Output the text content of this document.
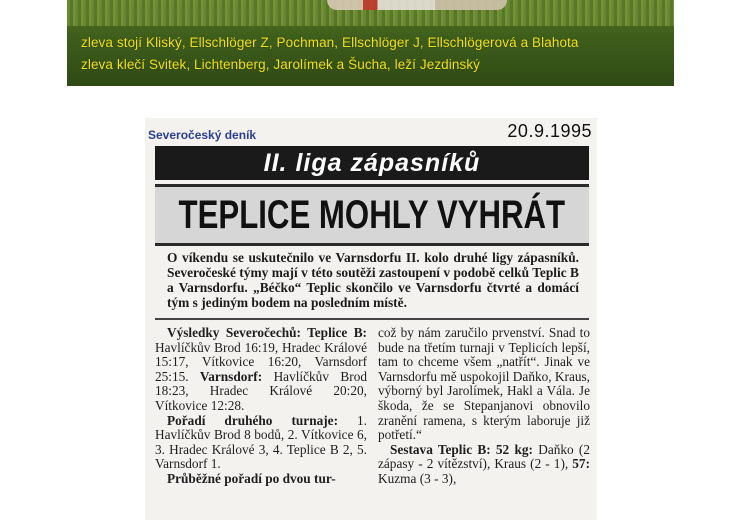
zleva stojí Kliský, Ellschlöger Z, Pochman, Ellschlöger J, Ellschlögerová a Blahota
zleva klečí Svitek, Lichtenberg, Jarolímek a Šucha, leží Jezdinský
Severočeský deník	20.9.1995
II. liga zápasníků
TEPLICE MOHLY VYHRÁT
O víkendu se uskutečnilo ve Varnsdorfu II. kolo druhé ligy zápasníků. Severočeské týmy mají v této soutěži zastoupení v podobě celků Teplic B a Varnsdorfu. „Béčko“ Teplic skončilo ve Varnsdorfu čtvrté a domácí tým s jediným bodem na posledním místě.

Výsledky Severočechů: Teplice B: Havlíčkův Brod 16:19, Hradec Králové 15:17, Vítkovice 16:20, Varnsdorf 25:15. Varnsdorf: Havlíčkův Brod 18:23, Hradec Králové 20:20, Vítkovice 12:28.

Pořadí druhého turnaje: 1. Havlíčkův Brod 8 bodů, 2. Vítkovice 6, 3. Hradec Králové 3, 4. Teplice B 2, 5. Varnsdorf 1.

Průběžné pořadí po dvou tur-

což by nám zaručilo prvenství. Snad to bude na třetím turnaji v Teplicích lepší, tam to chceme všem „natřít“. Jinak ve Varnsdorfu mě uspokojil Daňko, Kraus, výborný byl Jarolímek, Hakl a Vála. Je škoda, že se Stepanjanovi obnovilo zranění ramena, s kterým laboruje již potřetí.“

Sestava Teplic B: 52 kg: Daňko (2 zápasy - 2 vítězství), Kraus (2 - 1), 57: Kuzma (3 - 3),
